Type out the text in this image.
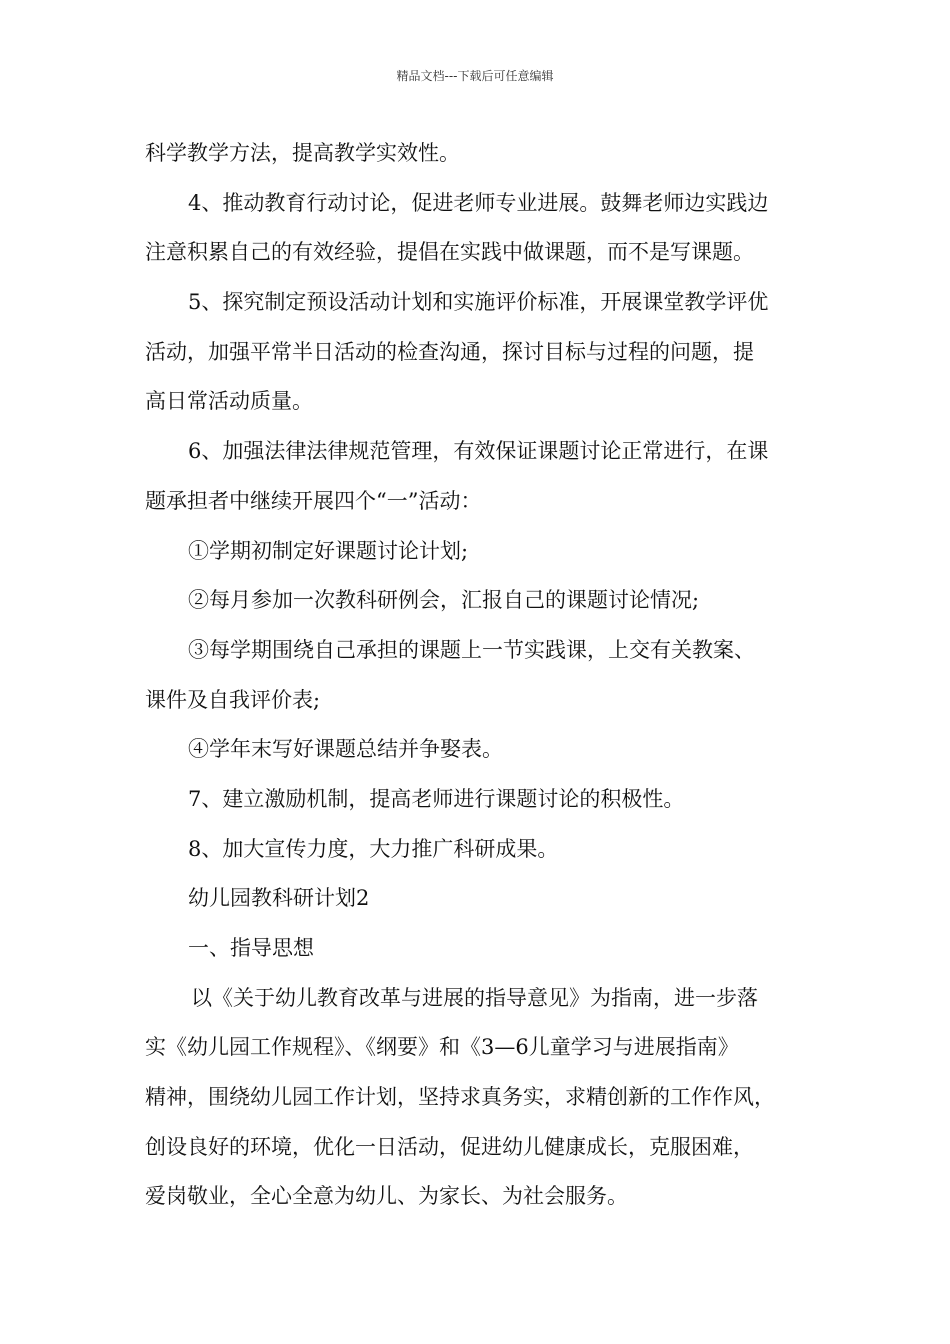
精品文档---下载后可任意编辑
科学教学方法，提高教学实效性。
4、推动教育行动讨论，促进老师专业进展。鼓舞老师边实践边
注意积累自己的有效经验，提倡在实践中做课题，而不是写课题。
5、探究制定预设活动计划和实施评价标准，开展课堂教学评优
活动，加强平常半日活动的检查沟通，探讨目标与过程的问题，提
高日常活动质量。
6、加强法律法律规范管理，有效保证课题讨论正常进行，在课
题承担者中继续开展四个“一”活动：
①学期初制定好课题讨论计划;
②每月参加一次教科研例会，汇报自己的课题讨论情况;
③每学期围绕自己承担的课题上一节实践课，上交有关教案、
课件及自我评价表;
④学年末写好课题总结并争娶表。
7、建立激励机制，提高老师进行课题讨论的积极性。
8、加大宣传力度，大力推广科研成果。
幼儿园教科研计划2
一、指导思想
以《关于幼儿教育改革与进展的指导意见》为指南，进一步落
实《幼儿园工作规程》、《纲要》和《3—6儿童学习与进展指南》
精神，围绕幼儿园工作计划，坚持求真务实，求精创新的工作作风，
创设良好的环境，优化一日活动，促进幼儿健康成长，克服困难，
爱岗敬业，全心全意为幼儿、为家长、为社会服务。
